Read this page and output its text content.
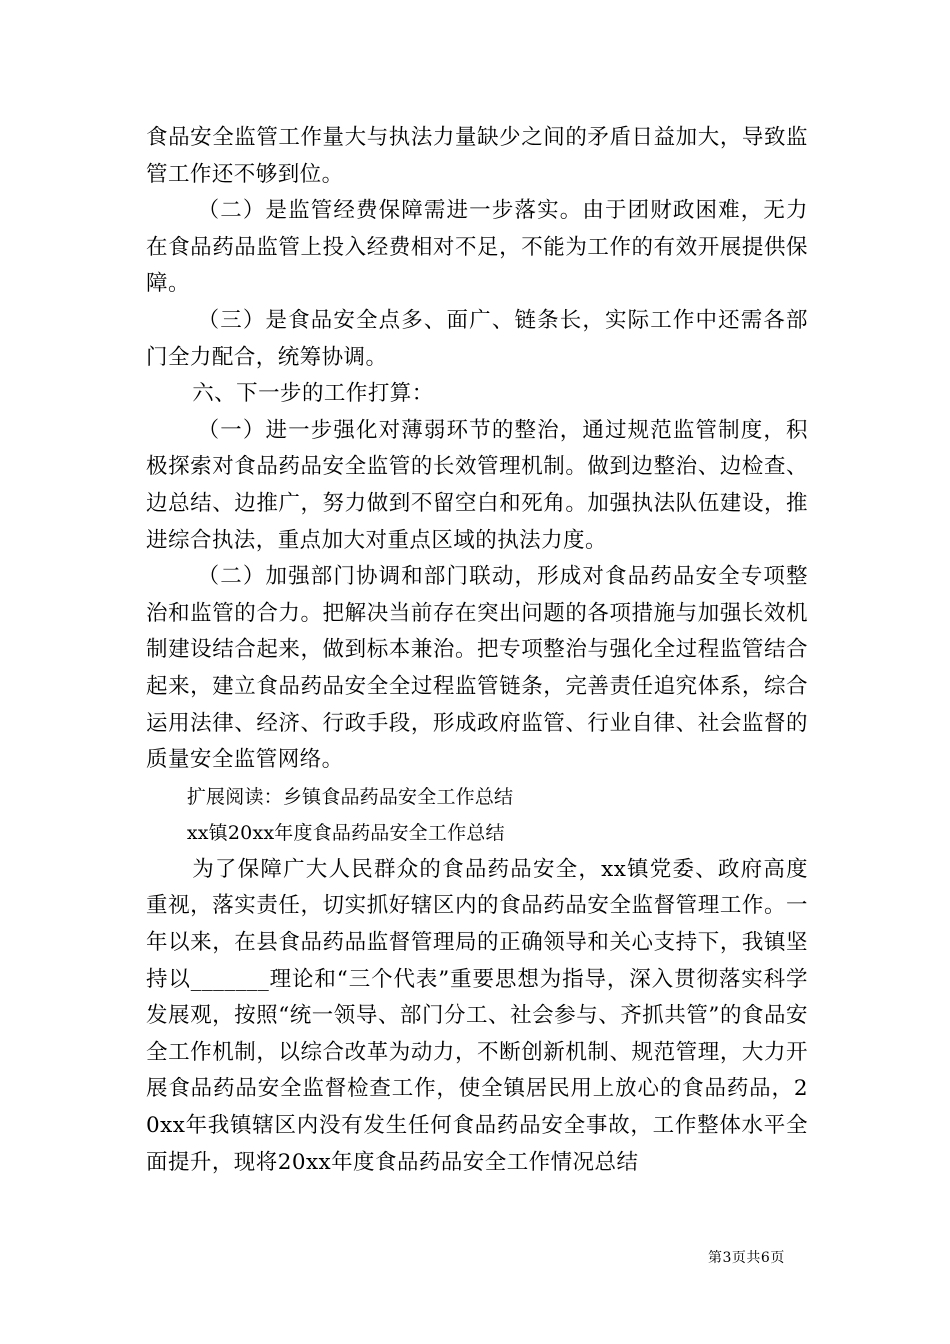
食品安全监管工作量大与执法力量缺少之间的矛盾日益加大，导致监管工作还不够到位。

（二）是监管经费保障需进一步落实。由于团财政困难，无力在食品药品监管上投入经费相对不足，不能为工作的有效开展提供保障。

（三）是食品安全点多、面广、链条长，实际工作中还需各部门全力配合，统筹协调。

六、下一步的工作打算：

（一）进一步强化对薄弱环节的整治，通过规范监管制度，积极探索对食品药品安全监管的长效管理机制。做到边整治、边检查、边总结、边推广，努力做到不留空白和死角。加强执法队伍建设，推进综合执法，重点加大对重点区域的执法力度。

（二）加强部门协调和部门联动，形成对食品药品安全专项整治和监管的合力。把解决当前存在突出问题的各项措施与加强长效机制建设结合起来，做到标本兼治。把专项整治与强化全过程监管结合起来，建立食品药品安全全过程监管链条，完善责任追究体系，综合运用法律、经济、行政手段，形成政府监管、行业自律、社会监督的质量安全监管网络。

扩展阅读：乡镇食品药品安全工作总结

xx镇20xx年度食品药品安全工作总结

为了保障广大人民群众的食品药品安全，xx镇党委、政府高度重视，落实责任，切实抓好辖区内的食品药品安全监督管理工作。一年以来，在县食品药品监督管理局的正确领导和关心支持下，我镇坚持以_______理论和“三个代表”重要思想为指导，深入贯彻落实科学发展观，按照“统一领导、部门分工、社会参与、齐抓共管”的食品安全工作机制，以综合改革为动力，不断创新机制、规范管理，大力开展食品药品安全监督检查工作，使全镇居民用上放心的食品药品，20xx年我镇辖区内没有发生任何食品药品安全事故，工作整体水平全面提升，现将20xx年度食品药品安全工作情况总结

第3页共6页
